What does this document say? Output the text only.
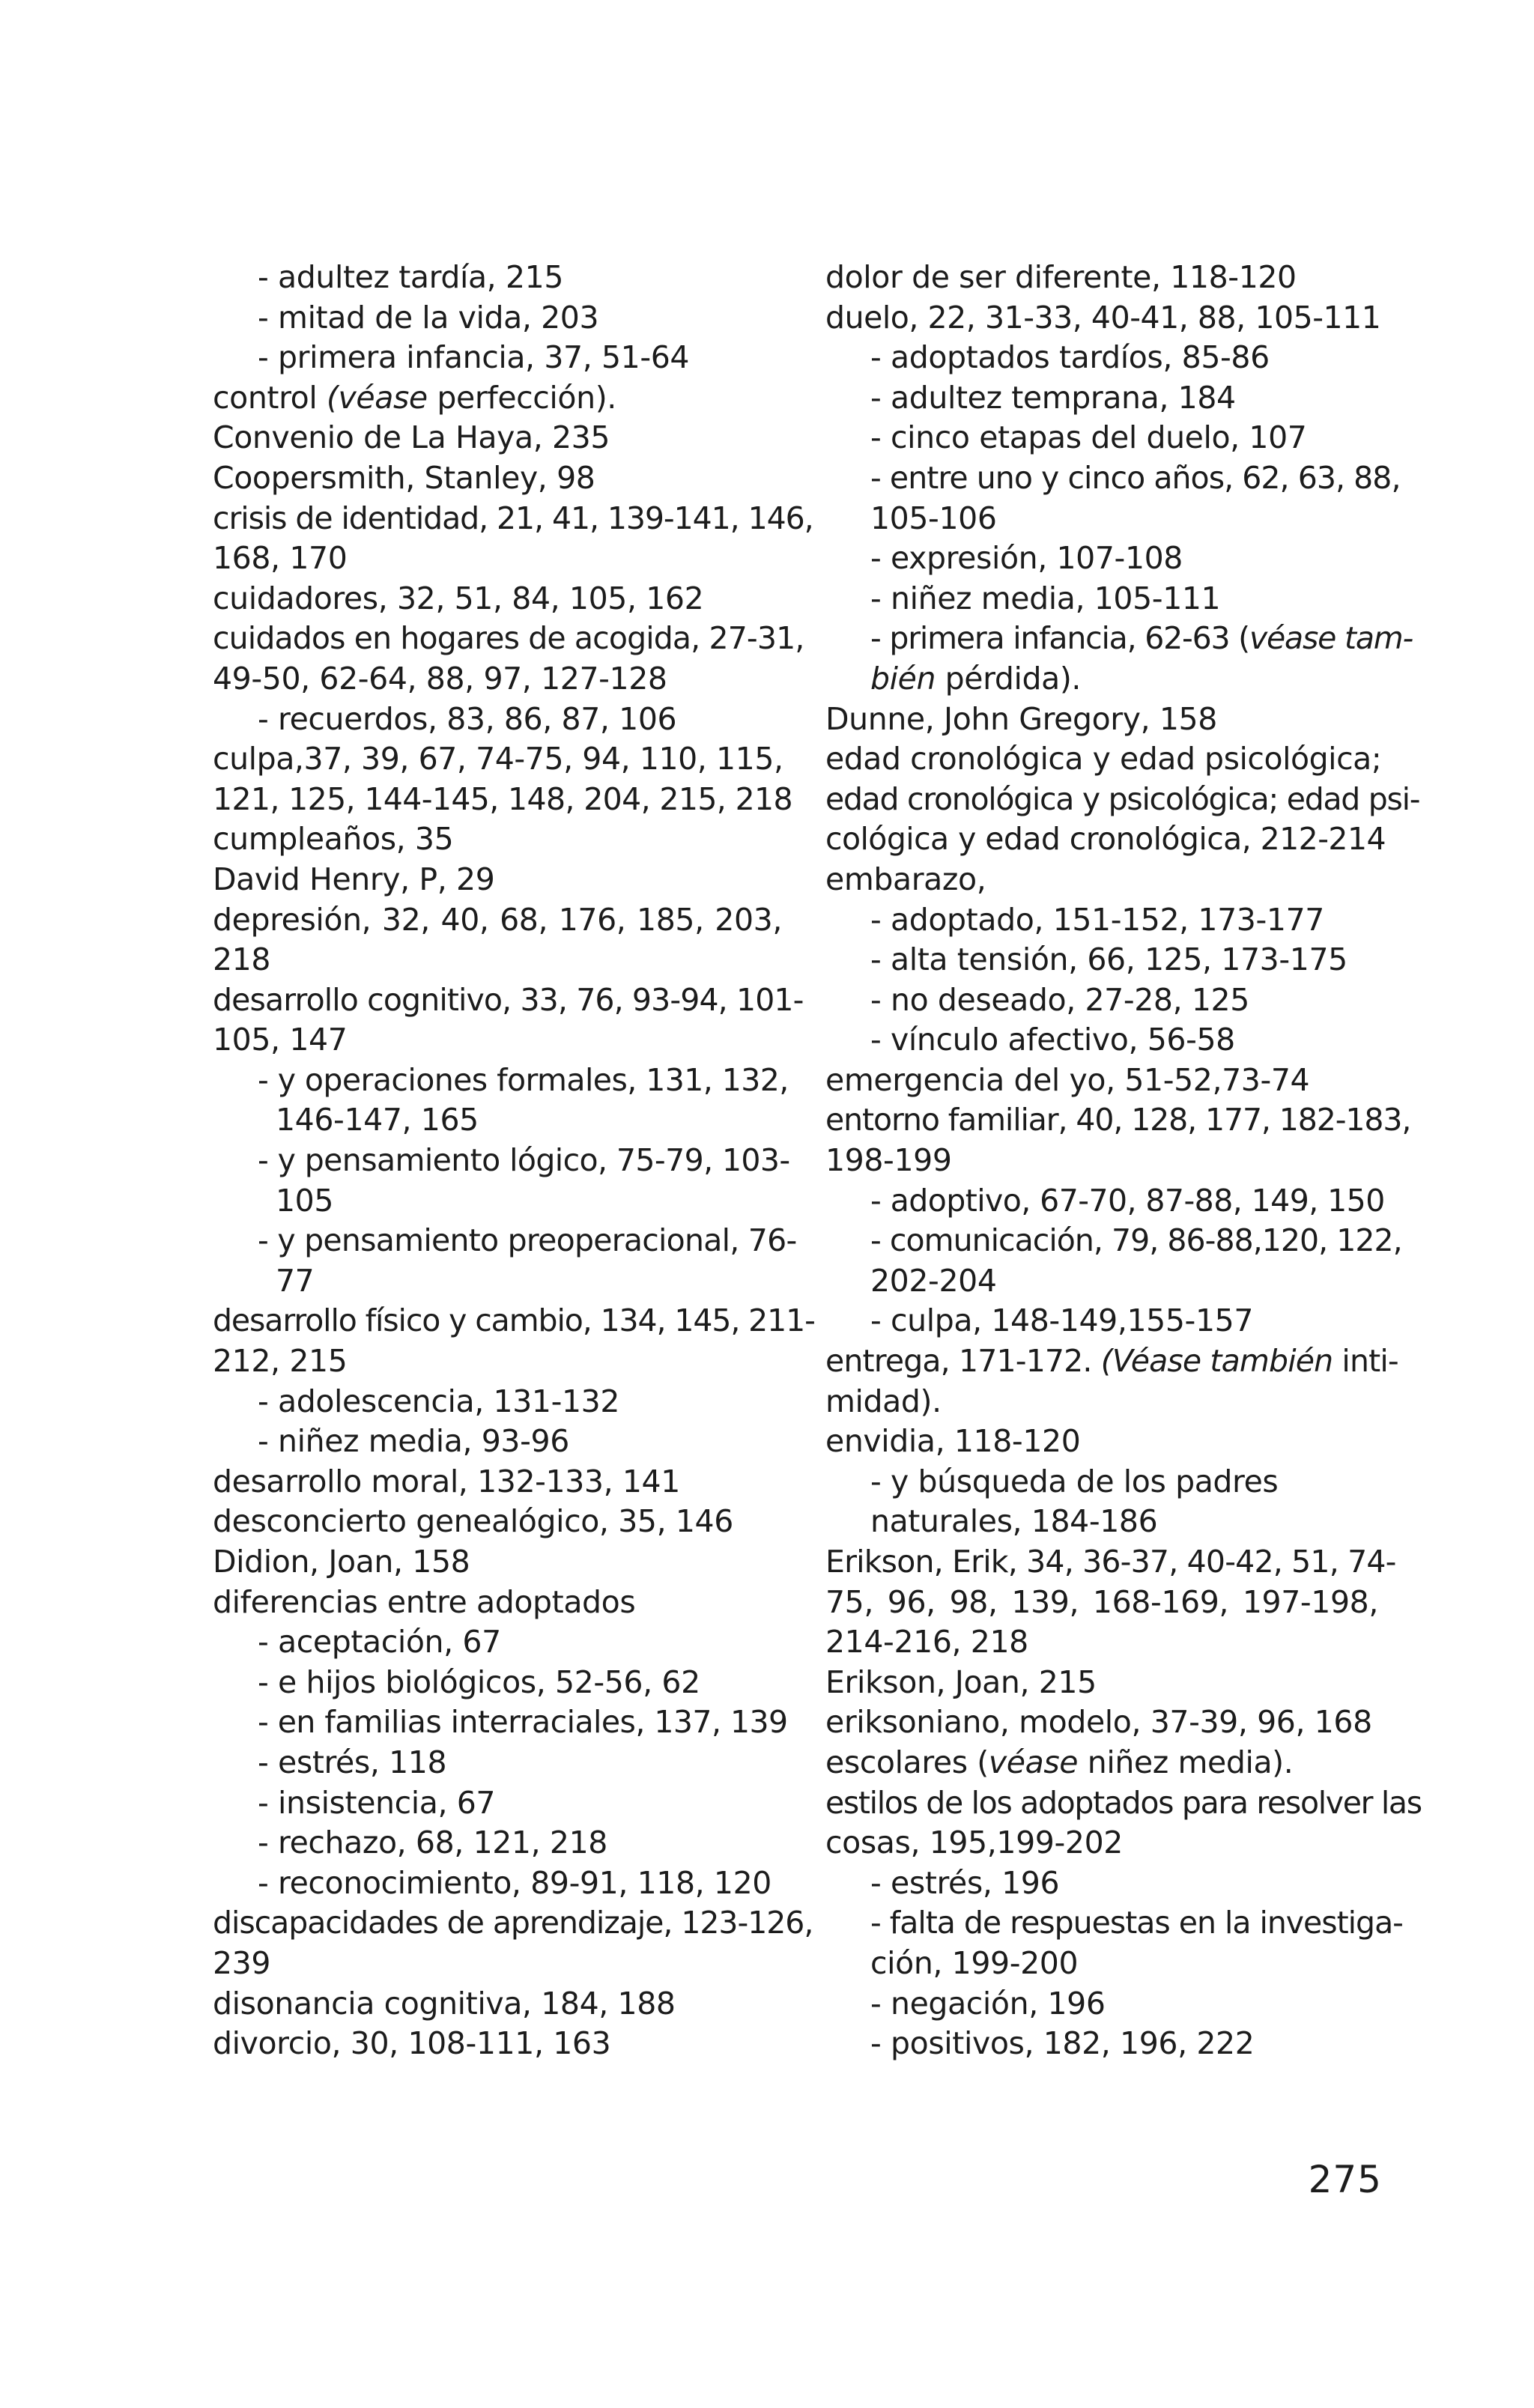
- adultez tardía, 215

- mitad de la vida, 203

- primera infancia, 37, 51-64

control (véase perfección).

Convenio de La Haya, 235

Coopersmith, Stanley, 98

crisis de identidad, 21, 41, 139-141, 146,

168, 170

cuidadores, 32, 51, 84, 105, 162

cuidados en hogares de acogida, 27-31,

49-50, 62-64, 88, 97, 127-128

- recuerdos, 83, 86, 87, 106

culpa,37, 39, 67, 74-75, 94, 110, 115,

121, 125, 144-145, 148, 204, 215, 218

cumpleaños, 35

David Henry, P, 29

depresión, 32, 40, 68, 176, 185, 203,

218

desarrollo cognitivo, 33, 76, 93-94, 101-

105, 147

- y operaciones formales, 131, 132,

146-147, 165

- y pensamiento lógico, 75-79, 103-

105

- y pensamiento preoperacional, 76-

77

desarrollo físico y cambio, 134, 145, 211-

212, 215

- adolescencia, 131-132

- niñez media, 93-96

desarrollo moral, 132-133, 141

desconcierto genealógico, 35, 146

Didion, Joan, 158

diferencias entre adoptados

- aceptación, 67

- e hijos biológicos, 52-56, 62

- en familias interraciales, 137, 139

- estrés, 118

- insistencia, 67

- rechazo, 68, 121, 218

- reconocimiento, 89-91, 118, 120

discapacidades de aprendizaje, 123-126,

239

disonancia cognitiva, 184, 188

divorcio, 30, 108-111, 163

dolor de ser diferente, 118-120

duelo, 22, 31-33, 40-41, 88, 105-111

- adoptados tardíos, 85-86

- adultez temprana, 184

- cinco etapas del duelo, 107

- entre uno y cinco años, 62, 63, 88,

105-106

- expresión, 107-108

- niñez media, 105-111

- primera infancia, 62-63 (véase tam-

bién pérdida).

Dunne, John Gregory, 158

edad cronológica y edad psicológica;

edad cronológica y psicológica; edad psi-

cológica y edad cronológica, 212-214

embarazo,

- adoptado, 151-152, 173-177

- alta tensión, 66, 125, 173-175

- no deseado, 27-28, 125

- vínculo afectivo, 56-58

emergencia del yo, 51-52,73-74

entorno familiar, 40, 128, 177, 182-183,

198-199

- adoptivo, 67-70, 87-88, 149, 150

- comunicación, 79, 86-88,120, 122,

202-204

- culpa, 148-149,155-157

entrega, 171-172. (Véase también inti-

midad).

envidia, 118-120

- y búsqueda de los padres

naturales, 184-186

Erikson, Erik, 34, 36-37, 40-42, 51, 74-

75, 96, 98, 139, 168-169, 197-198,

214-216, 218

Erikson, Joan, 215

eriksoniano, modelo, 37-39, 96, 168

escolares (véase niñez media).

estilos de los adoptados para resolver las

cosas, 195,199-202

- estrés, 196

- falta de respuestas en la investiga-

ción, 199-200

- negación, 196

- positivos, 182, 196, 222

275
